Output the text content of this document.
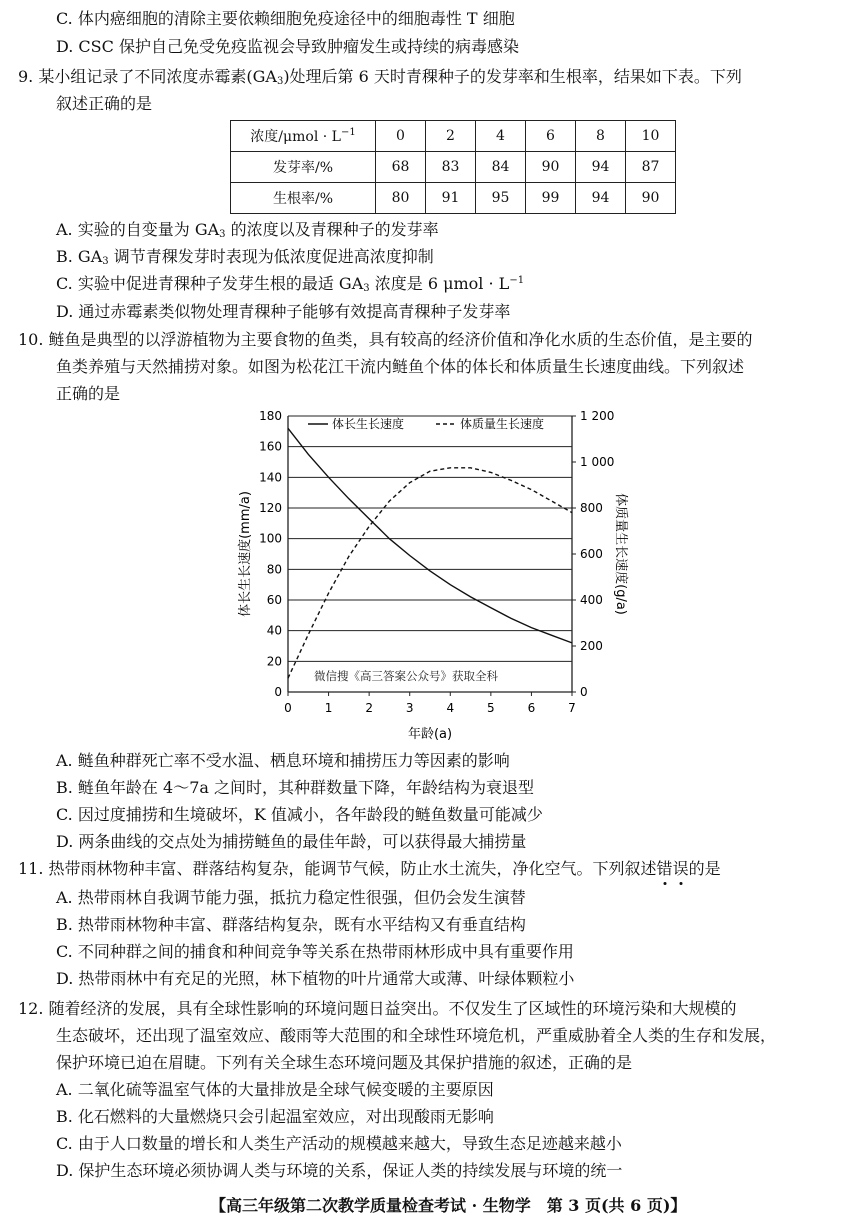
C. 体内癌细胞的清除主要依赖细胞免疫途径中的细胞毒性 T 细胞
D. CSC 保护自己免受免疫监视会导致肿瘤发生或持续的病毒感染
9. 某小组记录了不同浓度赤霉素$(GA_3)$处理后第 6 天时青稞种子的发芽率和生根率，结果如下表。下列
叙述正确的是
浓度$/\mu mol \cdot L^{-1}$	0	2	4	6	8	10
发芽率/%	68	83	84	90	94	87
生根率/%	80	91	95	99	94	90
A. 实验的自变量为 $GA_3$ 的浓度以及青稞种子的发芽率
B. $GA_3$ 调节青稞发芽时表现为低浓度促进高浓度抑制
C. 实验中促进青稞种子发芽生根的最适 $GA_3$ 浓度是 6 $\mu mol \cdot L^{-1}$
D. 通过赤霉素类似物处理青稞种子能够有效提高青稞种子发芽率
10. 鲢鱼是典型的以浮游植物为主要食物的鱼类，具有较高的经济价值和净化水质的生态价值，是主要的
鱼类养殖与天然捕捞对象。如图为松花江干流内鲢鱼个体的体长和体质量生长速度曲线。下列叙述
正确的是
0
20
40
60
80
100
120
140
160
180
0
200
400
600
800
1 000
1 200
0	1	2	3	4	5	6	7
年龄(a)
体长生长速度(mm/a)	体质量生长速度(g/a)
体长生长速度	体质量生长速度
微信搜《高三答案公众号》获取全科
A. 鲢鱼种群死亡率不受水温、栖息环境和捕捞压力等因素的影响
B. 鲢鱼年龄在 4～7a 之间时，其种群数量下降，年龄结构为衰退型
C. 因过度捕捞和生境破坏，K 值减小，各年龄段的鲢鱼数量可能减少
D. 两条曲线的交点处为捕捞鲢鱼的最佳年龄，可以获得最大捕捞量
11. 热带雨林物种丰富、群落结构复杂，能调节气候，防止水土流失，净化空气。下列叙述错误的是
A. 热带雨林自我调节能力强，抵抗力稳定性很强，但仍会发生演替
B. 热带雨林物种丰富、群落结构复杂，既有水平结构又有垂直结构
C. 不同种群之间的捕食和种间竞争等关系在热带雨林形成中具有重要作用
D. 热带雨林中有充足的光照，林下植物的叶片通常大或薄、叶绿体颗粒小
12. 随着经济的发展，具有全球性影响的环境问题日益突出。不仅发生了区域性的环境污染和大规模的
生态破坏，还出现了温室效应、酸雨等大范围的和全球性环境危机，严重威胁着全人类的生存和发展，
保护环境已迫在眉睫。下列有关全球生态环境问题及其保护措施的叙述，正确的是
A. 二氧化硫等温室气体的大量排放是全球气候变暖的主要原因
B. 化石燃料的大量燃烧只会引起温室效应，对出现酸雨无影响
C. 由于人口数量的增长和人类生产活动的规模越来越大，导致生态足迹越来越小
D. 保护生态环境必须协调人类与环境的关系，保证人类的持续发展与环境的统一
【高三年级第二次教学质量检查考试 · 生物学　第 3 页(共 6 页)】
